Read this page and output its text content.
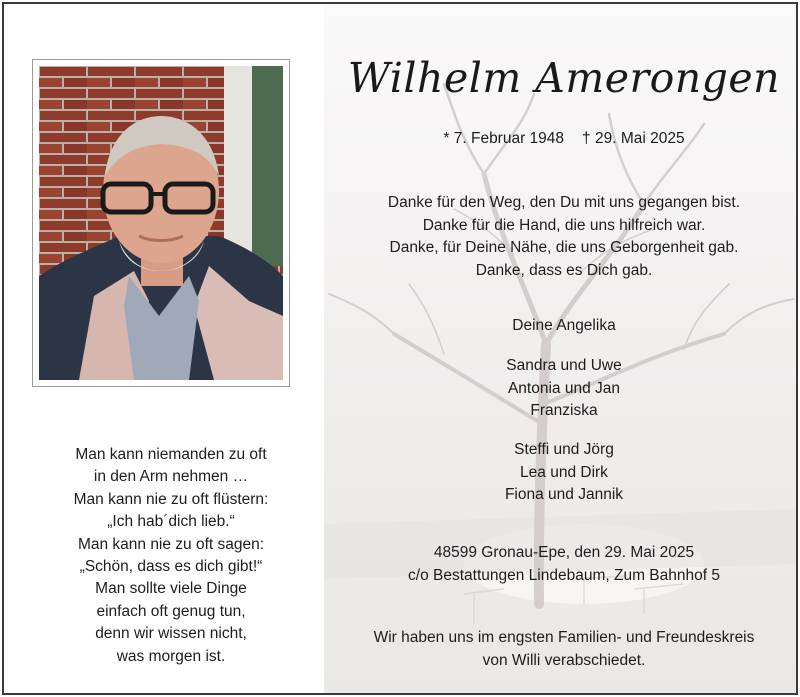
Man kann niemanden zu oft
in den Arm nehmen …
Man kann nie zu oft flüstern:
„Ich hab´dich lieb.“
Man kann nie zu oft sagen:
„Schön, dass es dich gibt!“
Man sollte viele Dinge
einfach oft genug tun,
denn wir wissen nicht,
was morgen ist.
Wilhelm Amerongen
* 7. Februar 1948 † 29. Mai 2025
Danke für den Weg, den Du mit uns gegangen bist.
Danke für die Hand, die uns hilfreich war.
Danke, für Deine Nähe, die uns Geborgenheit gab.
Danke, dass es Dich gab.
Deine Angelika
Sandra und Uwe
Antonia und Jan
Franziska
Steffi und Jörg
Lea und Dirk
Fiona und Jannik
48599 Gronau-Epe, den 29. Mai 2025
c/o Bestattungen Lindebaum, Zum Bahnhof 5
Wir haben uns im engsten Familien- und Freundeskreis
von Willi verabschiedet.
